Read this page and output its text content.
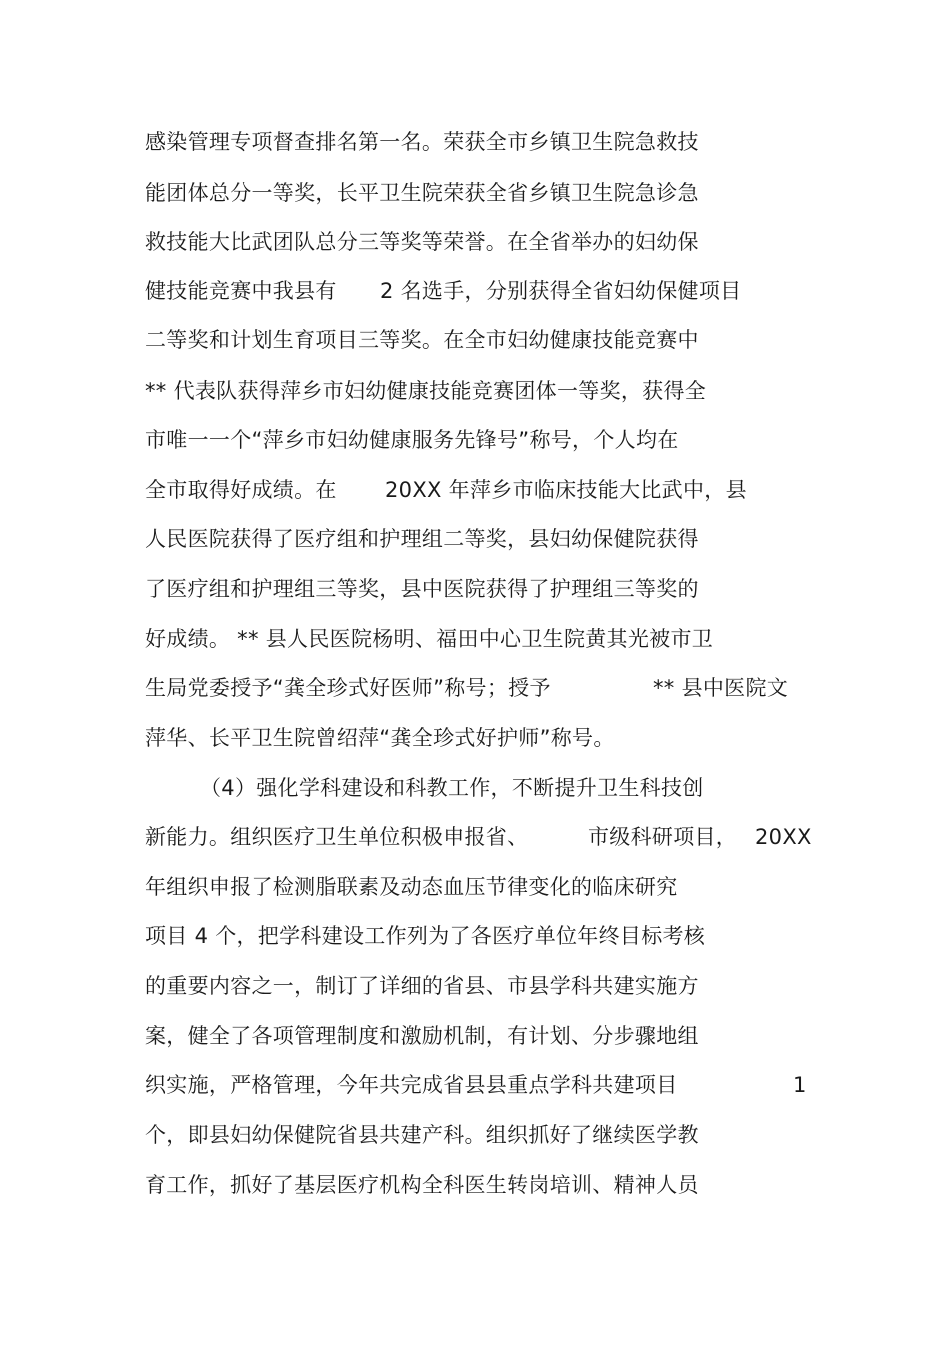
感染管理专项督查排名第一名。荣获全市乡镇卫生院急救技
能团体总分一等奖，长平卫生院荣获全省乡镇卫生院急诊急
救技能大比武团队总分三等奖等荣誉。在全省举办的妇幼保
健技能竞赛中我县有 2 名选手，分别获得全省妇幼保健项目
二等奖和计划生育项目三等奖。在全市妇幼健康技能竞赛中
** 代表队获得萍乡市妇幼健康技能竞赛团体一等奖，获得全
市唯一一个“萍乡市妇幼健康服务先锋号”称号，个人均在
全市取得好成绩。在 20XX 年萍乡市临床技能大比武中，县
人民医院获得了医疗组和护理组二等奖，县妇幼保健院获得
了医疗组和护理组三等奖，县中医院获得了护理组三等奖的
好成绩。 ** 县人民医院杨明、福田中心卫生院黄其光被市卫
生局党委授予“龚全珍式好医师”称号；授予	** 县中医院文
萍华、长平卫生院曾绍萍“龚全珍式好护师”称号。
（4）强化学科建设和科教工作，不断提升卫生科技创
新能力。组织医疗卫生单位积极申报省、	市级科研项目， 20XX
年组织申报了检测脂联素及动态血压节律变化的临床研究
项目 4 个，把学科建设工作列为了各医疗单位年终目标考核
的重要内容之一，制订了详细的省县、市县学科共建实施方
案，健全了各项管理制度和激励机制，有计划、分步骤地组
织实施，严格管理，今年共完成省县县重点学科共建项目	1
个，即县妇幼保健院省县共建产科。组织抓好了继续医学教
育工作，抓好了基层医疗机构全科医生转岗培训、精神人员
